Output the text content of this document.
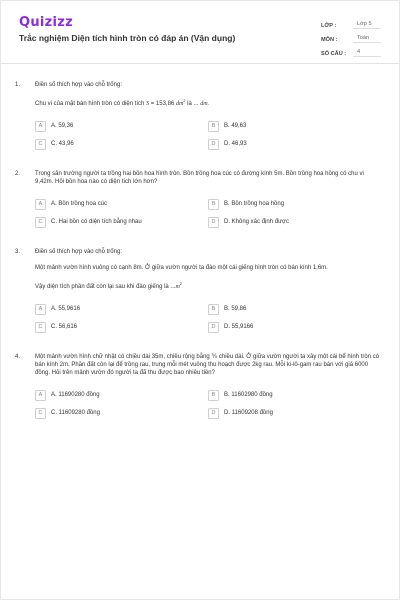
Quizizz
Trắc nghiệm Diện tích hình tròn có đáp án (Vận dụng)
LỚP :	Lớp 5
MÔN :	Toán
SỐ CÂU :	4
1.	Điền số thích hợp vào chỗ trống:
Chu vi của mặt bàn hình tròn có diện tích S = 153,86 $dm^2$ là ... dm.
A	A. 59,36	B	B. 49,63
C	C. 43,96	D	D. 46,93
2.	Trong sân trường người ta trồng hai bồn hoa hình tròn. Bồn trồng hoa cúc có đường kính 5m. Bồn trồng hoa hồng có chu vi 9,42m. Hỏi bồn hoa nào có diện tích lớn hơn?
A	A. Bồn trồng hoa cúc	B	B. Bồn trồng hoa hồng
C	C. Hai bồn có diện tích bằng nhau	D	D. Không xác định được
3.	Điền số thích hợp vào chỗ trống:
Một mảnh vườn hình vuông có cạnh 8m. Ở giữa vườn người ta đào một cái giếng hình tròn có bán kính 1,6m.
Vậy diện tích phần đất còn lại sau khi đào giếng là $...m^2$
A	A. 55,9616	B	B. 59,86
C	C. 56,616	D	D. 55,9166
4.	Một mảnh vườn hình chữ nhật có chiều dài 35m, chiều rộng bằng ⅗ chiều dài. Ở giữa vườn người ta xây một cái bể hình tròn có bán kính 2m. Phần đất còn lại để trồng rau, trung mỗi mét vuông thu hoạch được 2kg rau. Mỗi ki-lô-gam rau bán với giá 6000 đồng. Hỏi trên mảnh vườn đó người ta đã thu được bao nhiêu tiền?
A	A. 11690280 đồng	B	B. 11602980 đồng
C	C. 11609280 đồng	D	D. 11609208 đồng
